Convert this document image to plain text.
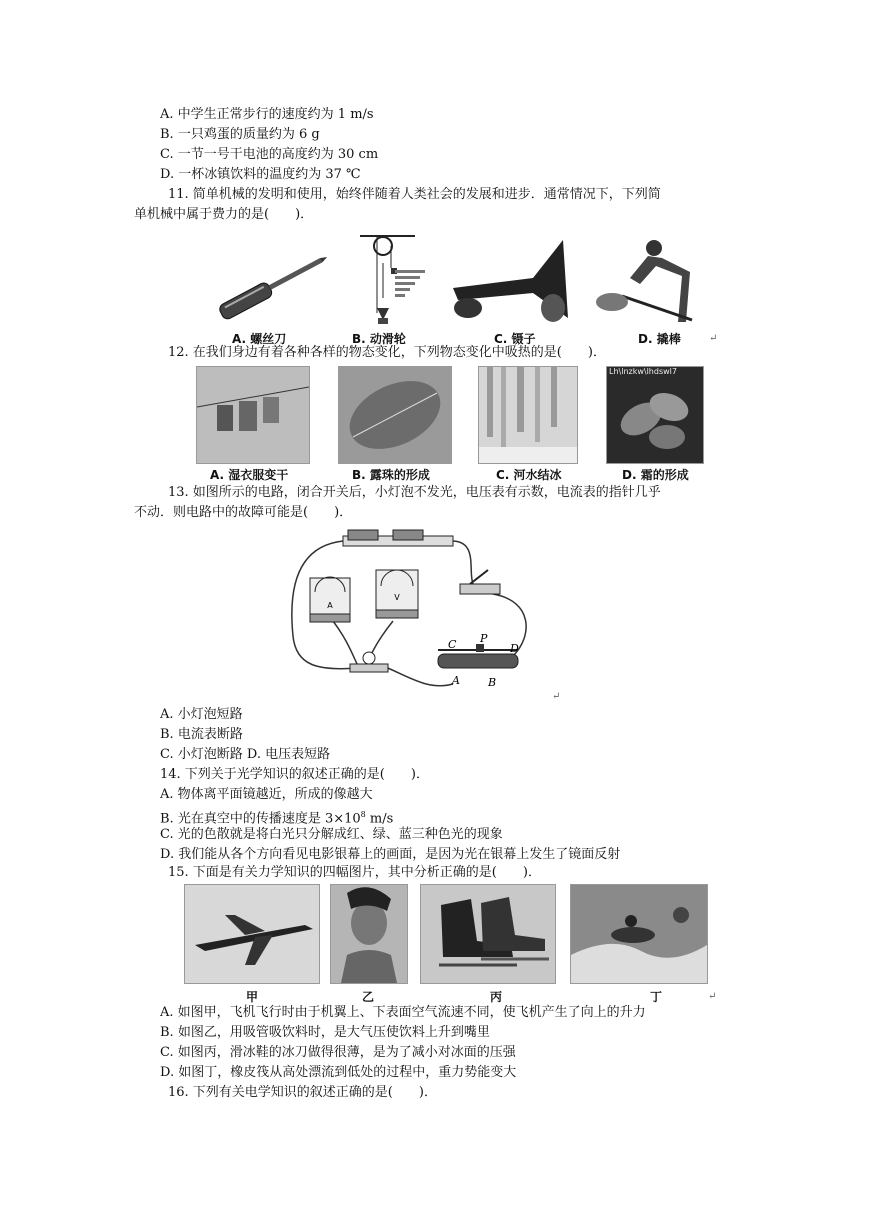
A. 中学生正常步行的速度约为 1 m/s
B. 一只鸡蛋的质量约为 6 g
C. 一节一号干电池的高度约为 30 cm
D. 一杯冰镇饮料的温度约为 37 ℃
11. 简单机械的发明和使用，始终伴随着人类社会的发展和进步．通常情况下，下列简
单机械中属于费力的是(　　)．
A. 螺丝刀	B. 动滑轮	C. 镊子	D. 撬棒	↵
12. 在我们身边有着各种各样的物态变化，下列物态变化中吸热的是(　　)．
Lh\lnzkw\lhdswl7
A. 湿衣服变干	B. 露珠的形成	C. 河水结冰	D. 霜的形成
13. 如图所示的电路，闭合开关后，小灯泡不发光，电压表有示数，电流表的指针几乎
不动．则电路中的故障可能是(　　)．
A
V
C P
D
A	B
↵
A. 小灯泡短路
B. 电流表断路
C. 小灯泡断路 D. 电压表短路
14. 下列关于光学知识的叙述正确的是(　　)．
A. 物体离平面镜越近，所成的像越大
B. 光在真空中的传播速度是 $3\times 10^8$ m/s
C. 光的色散就是将白光只分解成红、绿、蓝三种色光的现象
D. 我们能从各个方向看见电影银幕上的画面，是因为光在银幕上发生了镜面反射
15. 下面是有关力学知识的四幅图片，其中分析正确的是(　　)．
甲	乙	丙	丁	↵
A. 如图甲，飞机飞行时由于机翼上、下表面空气流速不同，使飞机产生了向上的升力
B. 如图乙，用吸管吸饮料时，是大气压使饮料上升到嘴里
C. 如图丙，滑冰鞋的冰刀做得很薄，是为了减小对冰面的压强
D. 如图丁，橡皮筏从高处漂流到低处的过程中，重力势能变大
16. 下列有关电学知识的叙述正确的是(　　)．
